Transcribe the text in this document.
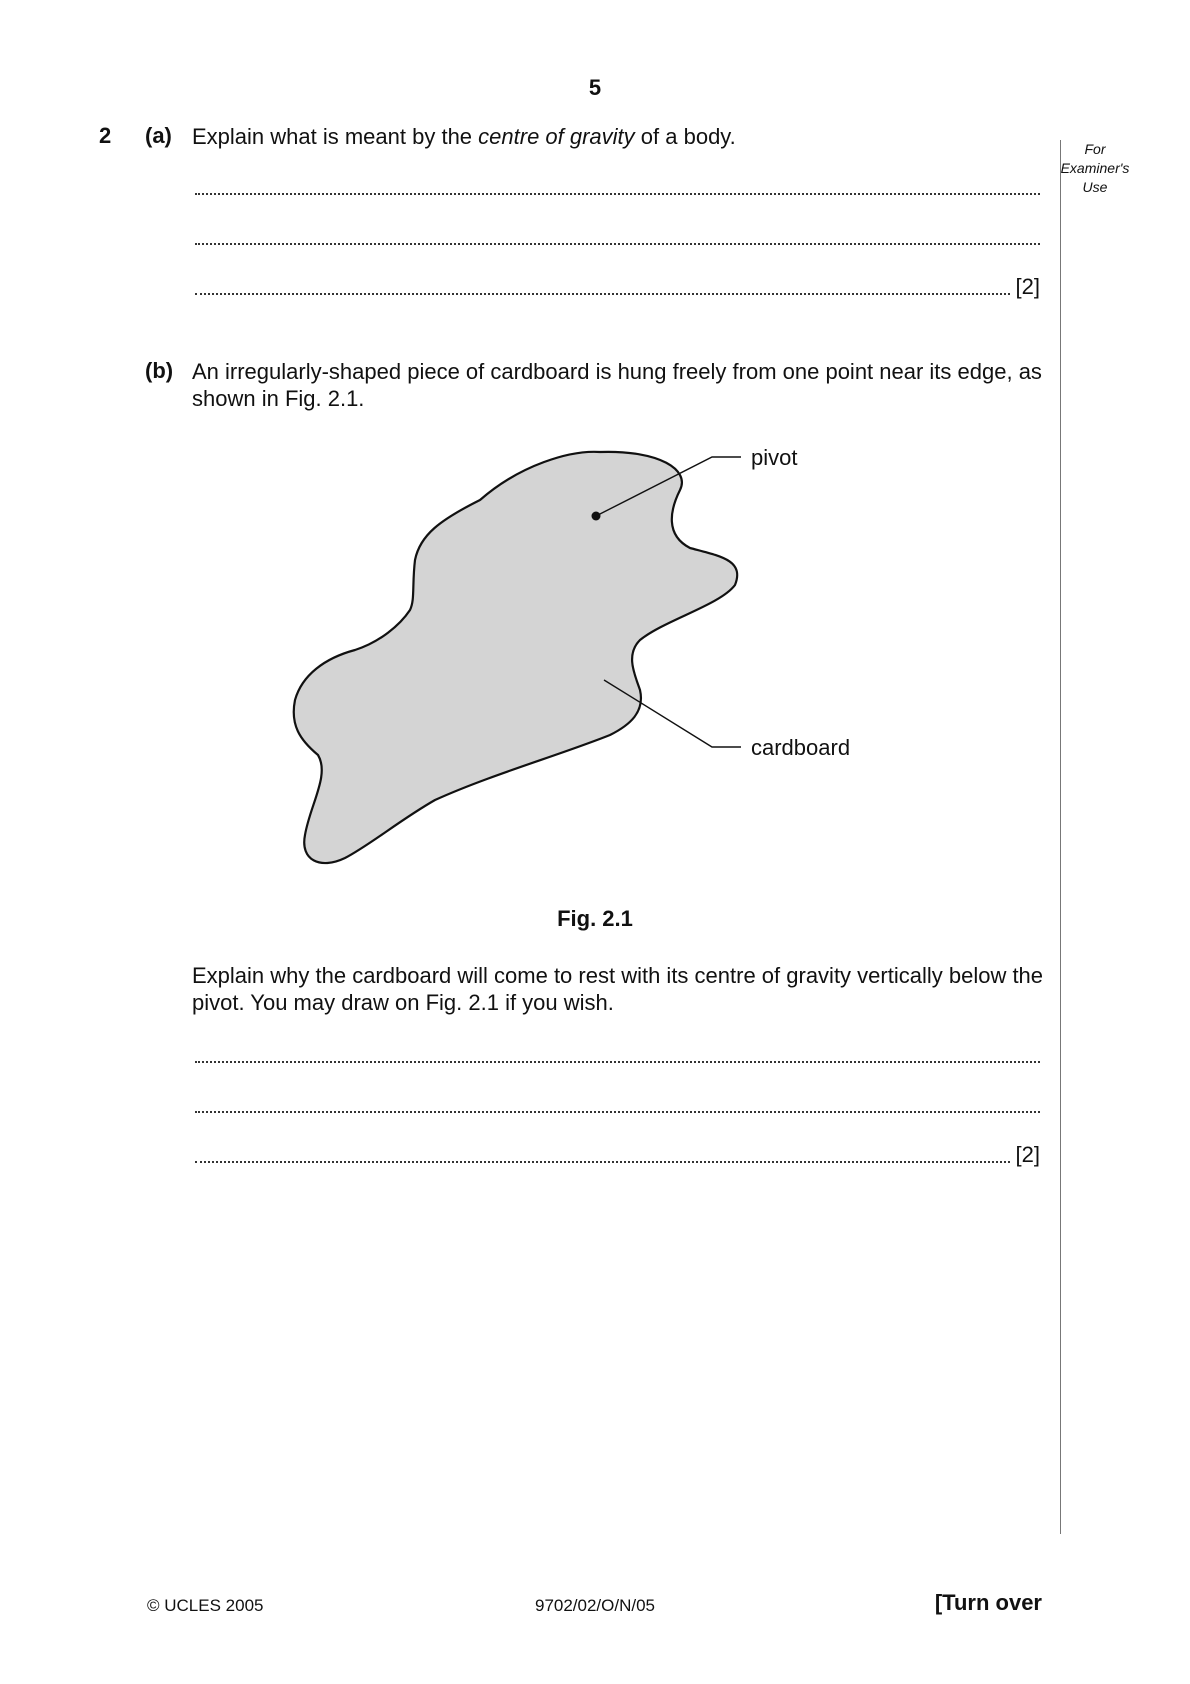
5
For
Examiner's
Use
2 (a) Explain what is meant by the centre of gravity of a body.
[2]
(b) An irregularly-shaped piece of cardboard is hung freely from one point near its edge, as
shown in Fig. 2.1.
pivot
cardboard
Fig. 2.1
Explain why the cardboard will come to rest with its centre of gravity vertically below the
pivot. You may draw on Fig. 2.1 if you wish.
[2]
© UCLES 2005	9702/02/O/N/05	[Turn over
